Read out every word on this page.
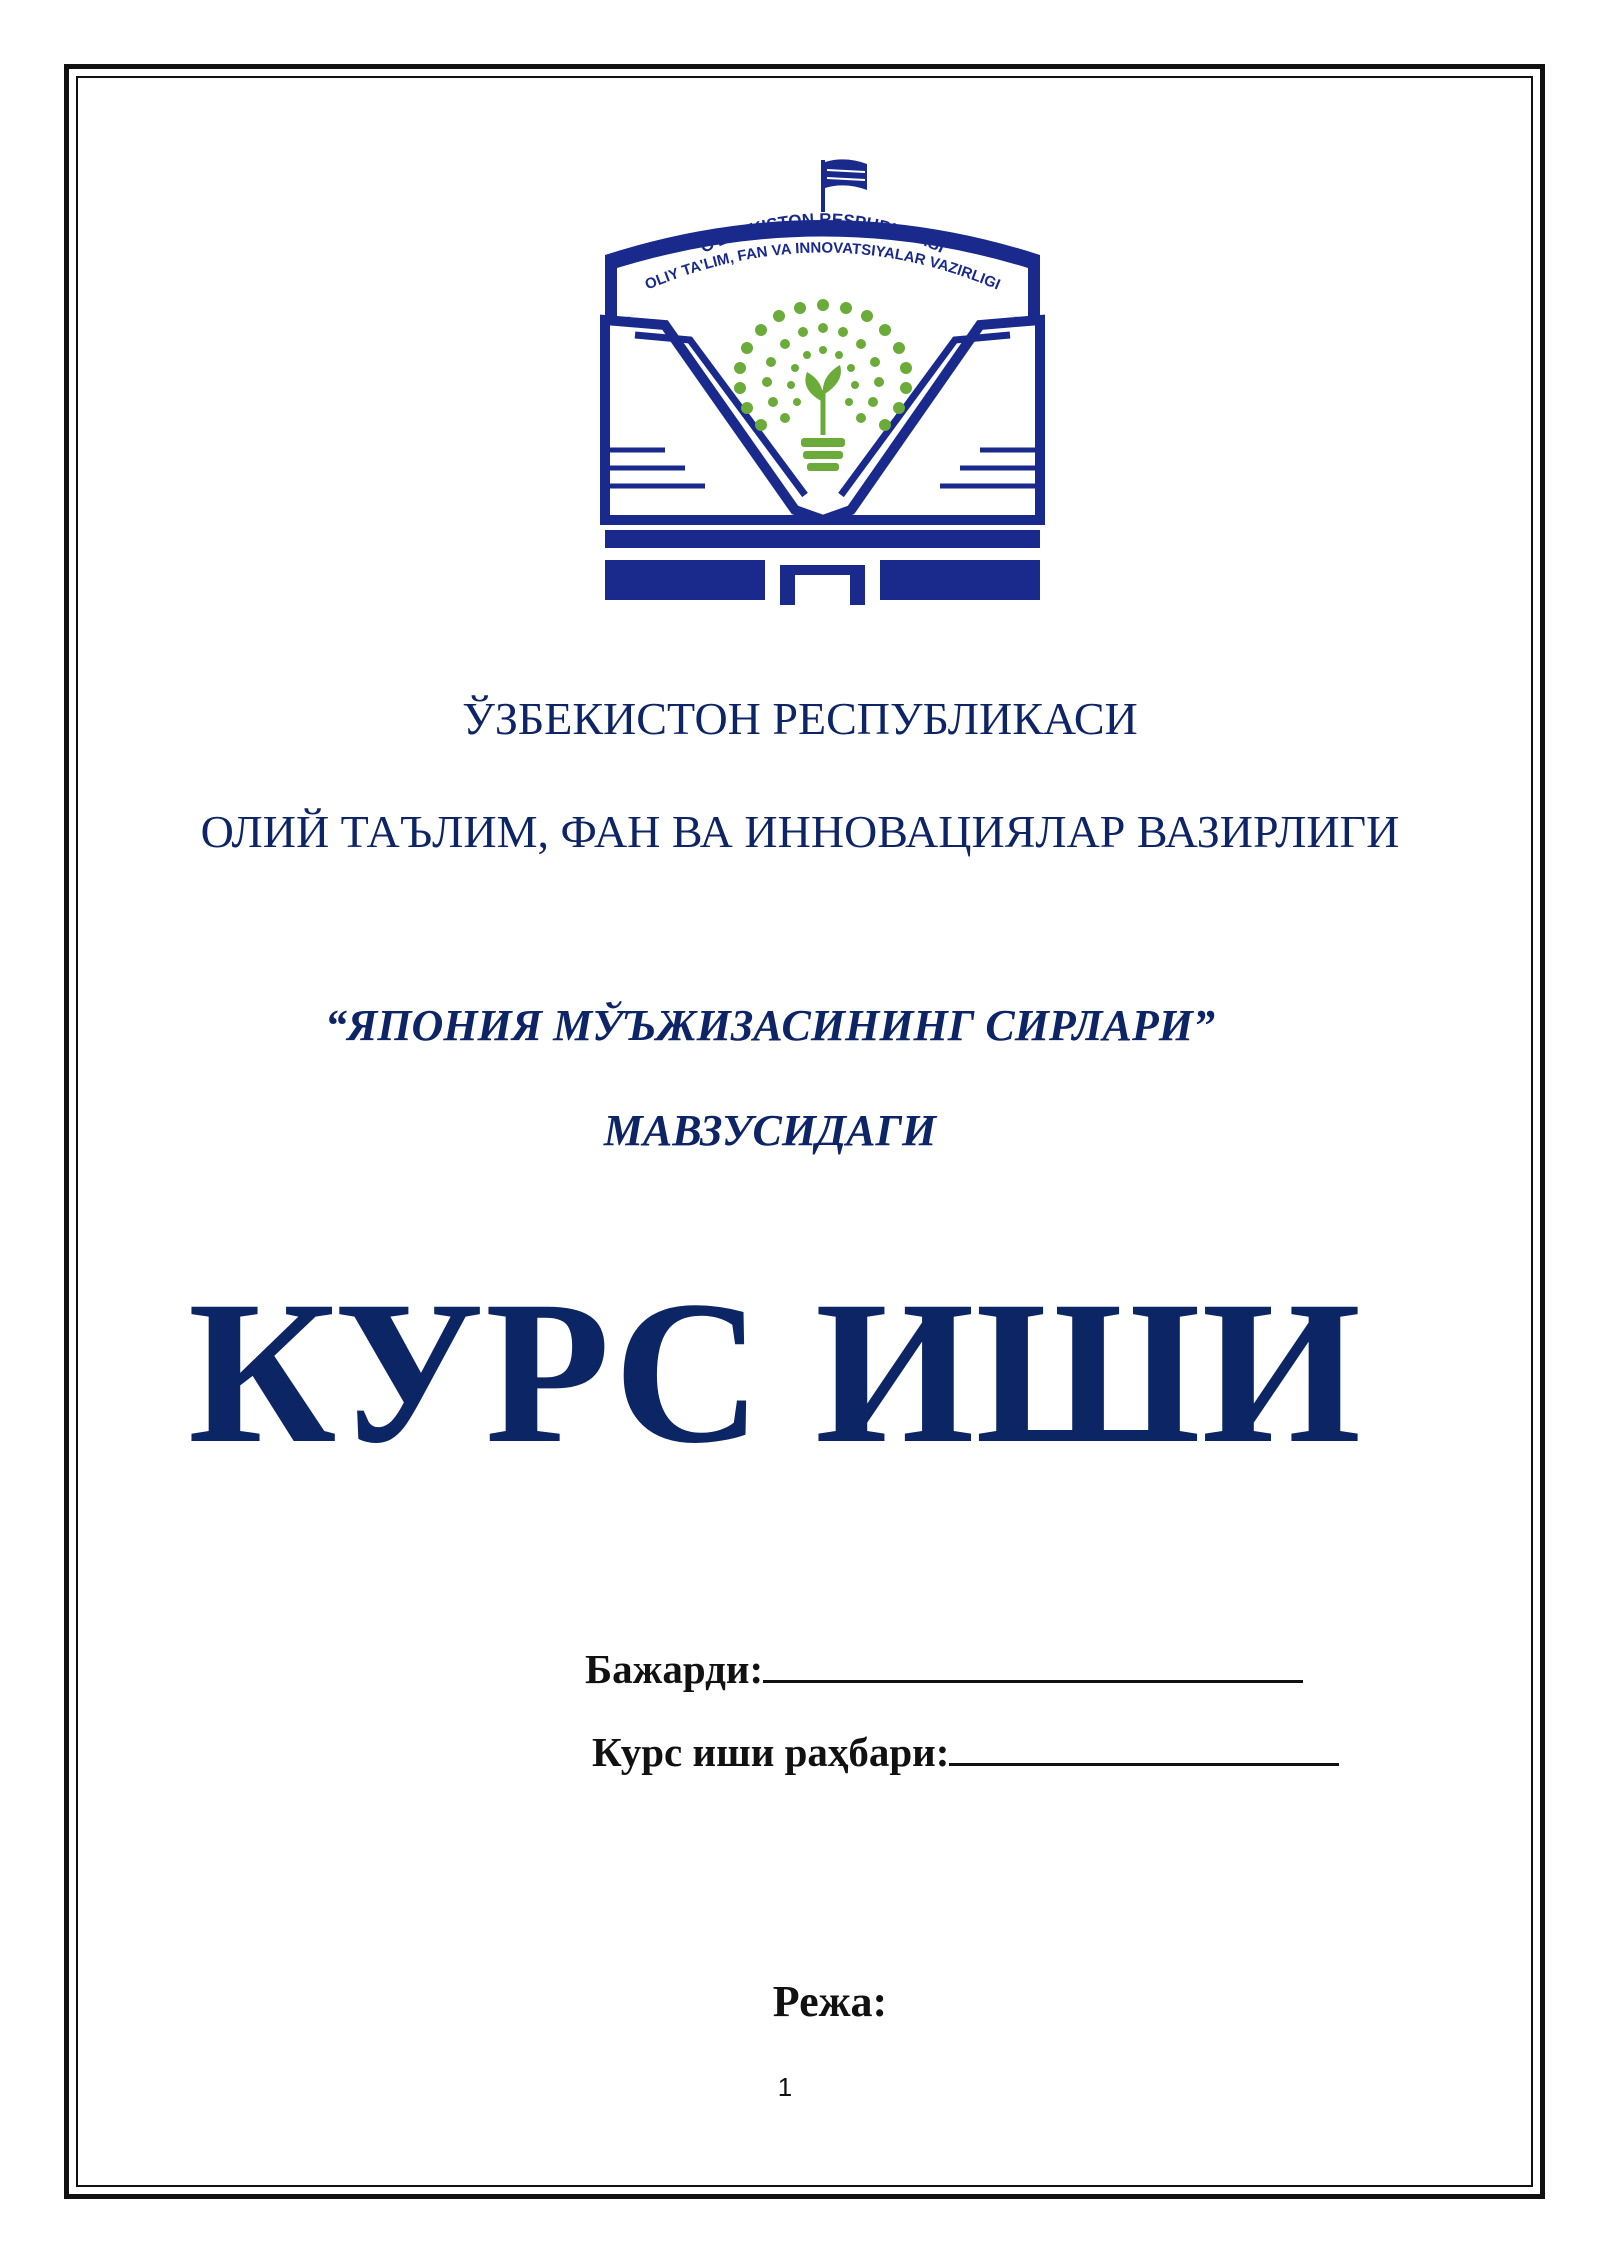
O'ZBEKISTON RESPUBLIKASI
OLIY TA'LIM, FAN VA INNOVATSIYALAR VAZIRLIGI
ЎЗБЕКИСТОН РЕСПУБЛИКАСИ
ОЛИЙ ТАЪЛИМ, ФАН ВА ИННОВАЦИЯЛАР ВАЗИРЛИГИ
“ЯПОНИЯ МЎЪЖИЗАСИНИНГ СИРЛАРИ”
МАВЗУСИДАГИ
КУРС ИШИ
Бажарди:
Курс иши раҳбари:
Режа:
1
